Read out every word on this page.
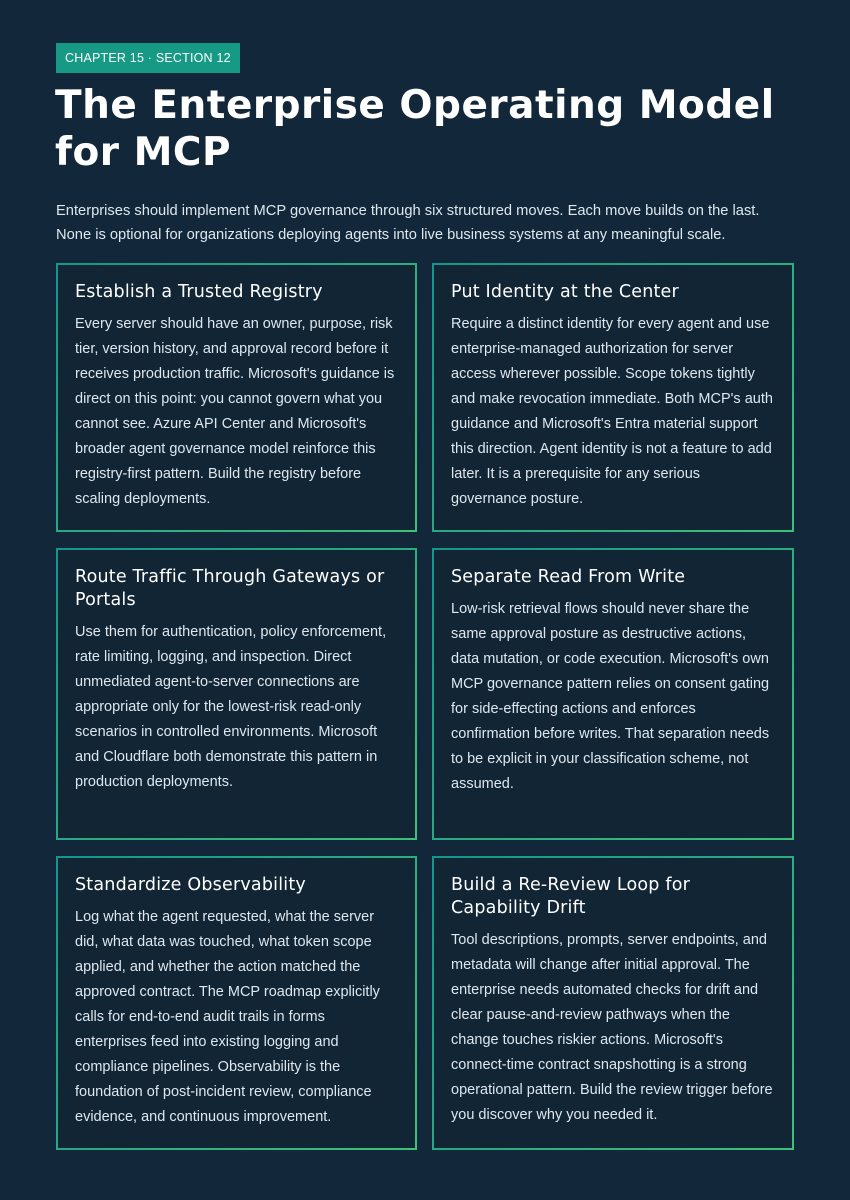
CHAPTER 15 · SECTION 12
The Enterprise Operating Model for MCP

Enterprises should implement MCP governance through six structured moves. Each move builds on the last. None is optional for organizations deploying agents into live business systems at any meaningful scale.

Establish a Trusted Registry

Every server should have an owner, purpose, risk tier, version history, and approval record before it receives production traffic. Microsoft's guidance is direct on this point: you cannot govern what you cannot see. Azure API Center and Microsoft's broader agent governance model reinforce this registry-first pattern. Build the registry before scaling deployments.

Put Identity at the Center

Require a distinct identity for every agent and use enterprise-managed authorization for server access wherever possible. Scope tokens tightly and make revocation immediate. Both MCP's auth guidance and Microsoft's Entra material support this direction. Agent identity is not a feature to add later. It is a prerequisite for any serious governance posture.

Route Traffic Through Gateways or Portals

Use them for authentication, policy enforcement, rate limiting, logging, and inspection. Direct unmediated agent-to-server connections are appropriate only for the lowest-risk read-only scenarios in controlled environments. Microsoft and Cloudflare both demonstrate this pattern in production deployments.

Separate Read From Write

Low-risk retrieval flows should never share the same approval posture as destructive actions, data mutation, or code execution. Microsoft's own MCP governance pattern relies on consent gating for side-effecting actions and enforces confirmation before writes. That separation needs to be explicit in your classification scheme, not assumed.

Standardize Observability

Log what the agent requested, what the server did, what data was touched, what token scope applied, and whether the action matched the approved contract. The MCP roadmap explicitly calls for end-to-end audit trails in forms enterprises feed into existing logging and compliance pipelines. Observability is the foundation of post-incident review, compliance evidence, and continuous improvement.

Build a Re-Review Loop for Capability Drift

Tool descriptions, prompts, server endpoints, and metadata will change after initial approval. The enterprise needs automated checks for drift and clear pause-and-review pathways when the change touches riskier actions. Microsoft's connect-time contract snapshotting is a strong operational pattern. Build the review trigger before you discover why you needed it.
